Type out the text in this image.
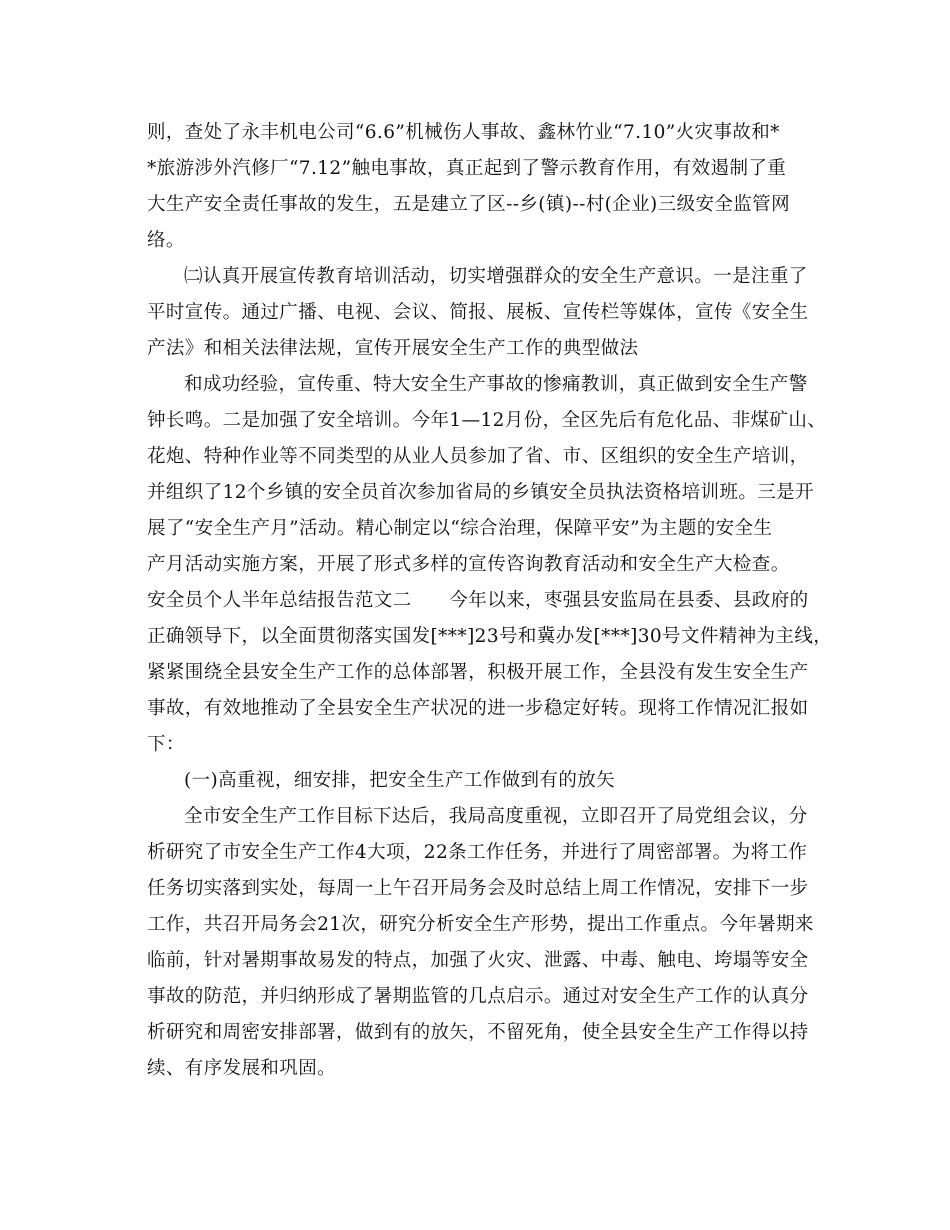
则，查处了永丰机电公司“6.6”机械伤人事故、鑫林竹业“7.10”火灾事故和*
*旅游涉外汽修厂“7.12”触电事故，真正起到了警示教育作用，有效遏制了重
大生产安全责任事故的发生，五是建立了区--乡(镇)--村(企业)三级安全监管网
络。
㈡认真开展宣传教育培训活动，切实增强群众的安全生产意识。一是注重了
平时宣传。通过广播、电视、会议、简报、展板、宣传栏等媒体，宣传《安全生
产法》和相关法律法规，宣传开展安全生产工作的典型做法
和成功经验，宣传重、特大安全生产事故的惨痛教训，真正做到安全生产警
钟长鸣。二是加强了安全培训。今年1—12月份，全区先后有危化品、非煤矿山、
花炮、特种作业等不同类型的从业人员参加了省、市、区组织的安全生产培训，
并组织了12个乡镇的安全员首次参加省局的乡镇安全员执法资格培训班。三是开
展了“安全生产月”活动。精心制定以“综合治理，保障平安”为主题的安全生
产月活动实施方案，开展了形式多样的宣传咨询教育活动和安全生产大检查。
安全员个人半年总结报告范文二　　今年以来，枣强县安监局在县委、县政府的
正确领导下，以全面贯彻落实国发[***]23号和冀办发[***]30号文件精神为主线，
紧紧围绕全县安全生产工作的总体部署，积极开展工作，全县没有发生安全生产
事故，有效地推动了全县安全生产状况的进一步稳定好转。现将工作情况汇报如
下：
(一)高重视，细安排，把安全生产工作做到有的放矢
全市安全生产工作目标下达后，我局高度重视，立即召开了局党组会议，分
析研究了市安全生产工作4大项，22条工作任务，并进行了周密部署。为将工作
任务切实落到实处，每周一上午召开局务会及时总结上周工作情况，安排下一步
工作，共召开局务会21次，研究分析安全生产形势，提出工作重点。今年暑期来
临前，针对暑期事故易发的特点，加强了火灾、泄露、中毒、触电、垮塌等安全
事故的防范，并归纳形成了暑期监管的几点启示。通过对安全生产工作的认真分
析研究和周密安排部署，做到有的放矢，不留死角，使全县安全生产工作得以持
续、有序发展和巩固。
